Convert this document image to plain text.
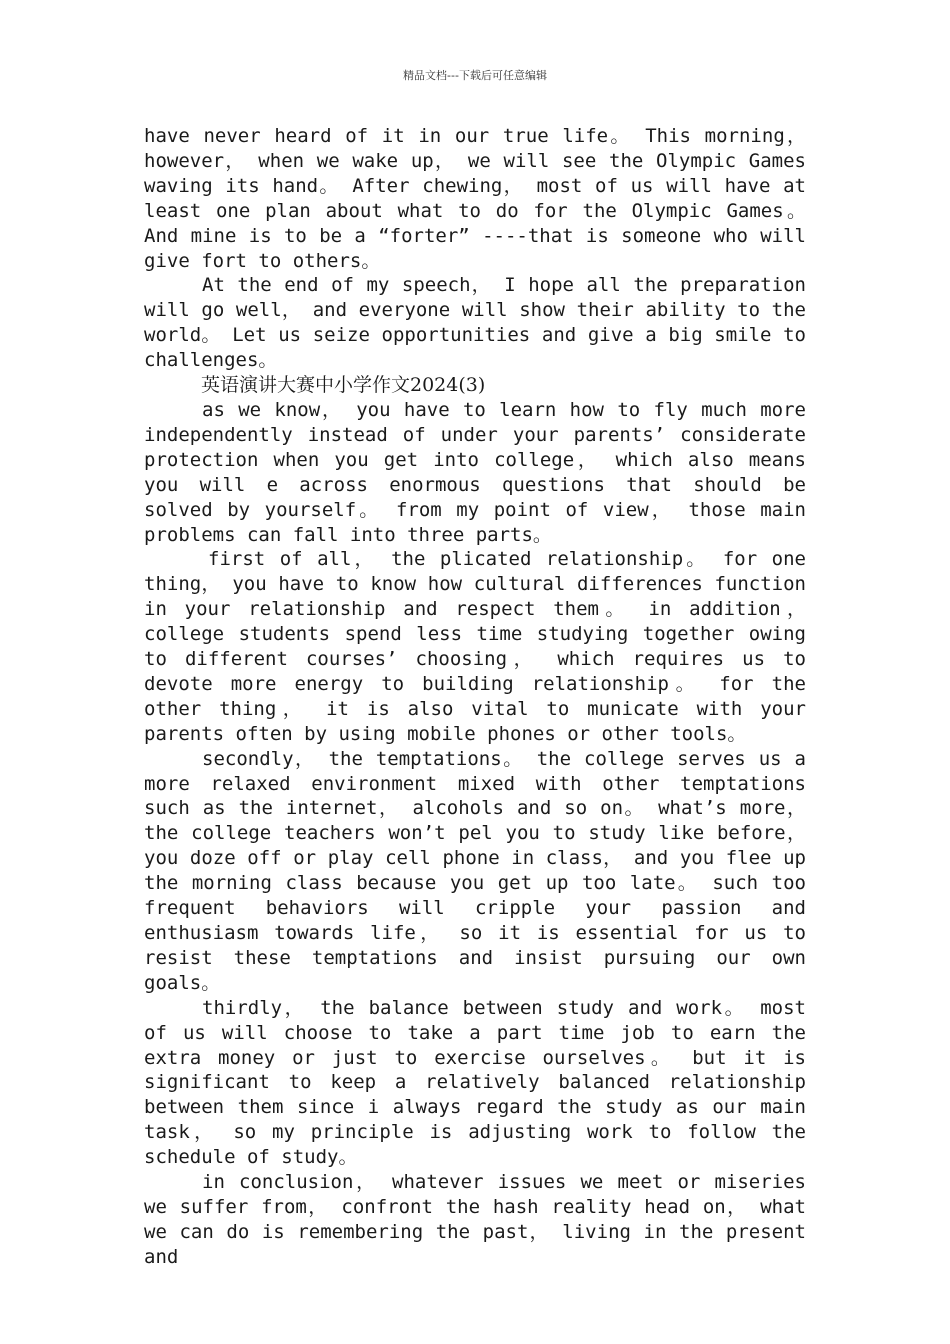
精品文档---下载后可任意编辑

have never heard of it in our true life。 This morning， however， when we wake up， we will see the Olympic Games waving its hand。 After chewing， most of us will have at least one plan about what to do for the Olympic Games。 And mine is to be a “forter” ----that is someone who will give fort to others。

At the end of my speech， I hope all the preparation will go well， and everyone will show their ability to the world。 Let us seize opportunities and give a big smile to challenges。

英语演讲大赛中小学作文2024(3)

as we know， you have to learn how to fly much more independently instead of under your parents’ considerate protection when you get into college， which also means you will e across enormous questions that should be solved by yourself。 from my point of view， those main problems can fall into three parts。

first of all， the plicated relationship。 for one thing， you have to know how cultural differences function in your relationship and respect them。 in addition， college students spend less time studying together owing to different courses’ choosing， which requires us to devote more energy to building relationship。 for the other thing， it is also vital to municate with your parents often by using mobile phones or other tools。

secondly， the temptations。 the college serves us a more relaxed environment mixed with other temptations such as the internet， alcohols and so on。 what’s more， the college teachers won’t pel you to study like before， you doze off or play cell phone in class， and you flee up the morning class because you get up too late。 such too frequent behaviors will cripple your passion and enthusiasm towards life， so it is essential for us to resist these temptations and insist pursuing our own goals。

thirdly， the balance between study and work。 most of us will choose to take a part time job to earn the extra money or just to exercise ourselves。 but it is significant to keep a relatively balanced relationship between them since i always regard the study as our main task， so my principle is adjusting work to follow the schedule of study。

in conclusion， whatever issues we meet or miseries we suffer from， confront the hash reality head on， what we can do is remembering the past， living in the present and
